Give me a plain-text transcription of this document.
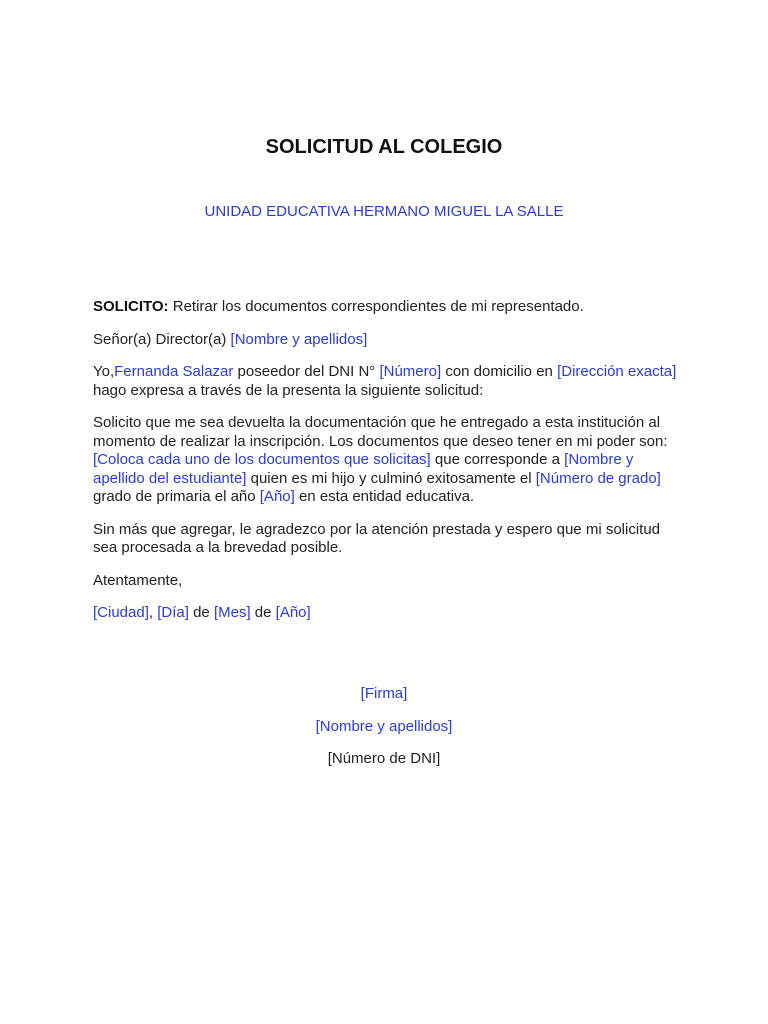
SOLICITUD AL COLEGIO
UNIDAD EDUCATIVA HERMANO MIGUEL LA SALLE

SOLICITO: Retirar los documentos correspondientes de mi representado.

Señor(a) Director(a) [Nombre y apellidos]

Yo,Fernanda Salazar poseedor del DNI N° [Número] con domicilio en [Dirección exacta] hago expresa a través de la presenta la siguiente solicitud:

Solicito que me sea devuelta la documentación que he entregado a esta institución al momento de realizar la inscripción. Los documentos que deseo tener en mi poder son: [Coloca cada uno de los documentos que solicitas] que corresponde a [Nombre y apellido del estudiante] quien es mi hijo y culminó exitosamente el [Número de grado] grado de primaria el año [Año] en esta entidad educativa.

Sin más que agregar, le agradezco por la atención prestada y espero que mi solicitud sea procesada a la brevedad posible.

Atentamente,

[Ciudad], [Día] de [Mes] de [Año]

[Firma]

[Nombre y apellidos]

[Número de DNI]
